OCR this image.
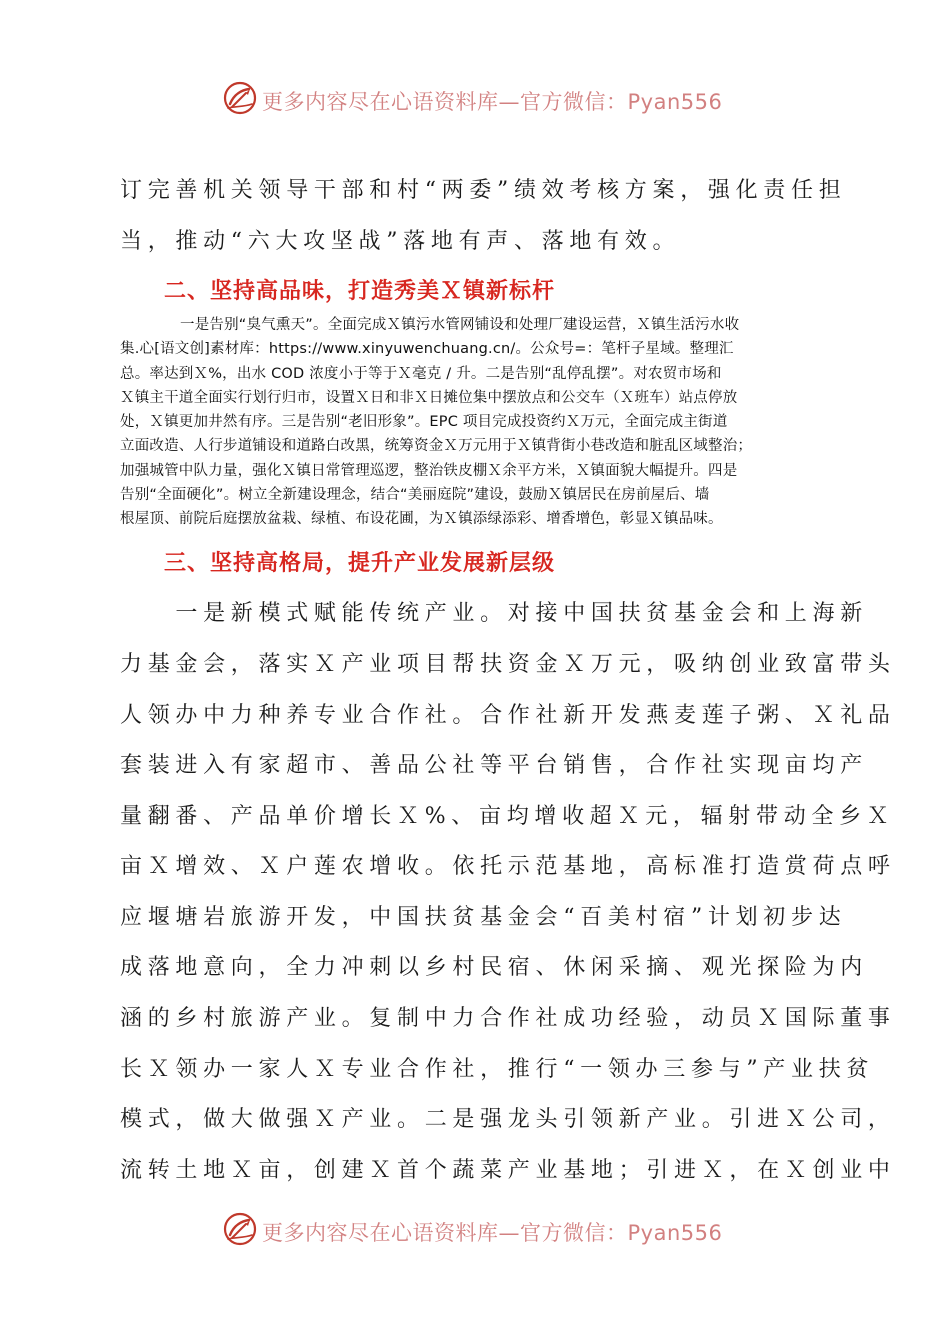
更多内容尽在心语资料库—官方微信：Pyan556
订完善机关领导干部和村“两委”绩效考核方案，强化责任担
当，推动“六大攻坚战”落地有声、落地有效。
二、坚持高品味，打造秀美Ｘ镇新标杆
一是告别“臭气熏天”。全面完成Ｘ镇污水管网铺设和处理厂建设运营，Ｘ镇生活污水收
集.心[语文创]素材库：https://www.xinyuwenchuang.cn/。公众号=：笔杆子星域。整理汇
总。率达到Ｘ%，出水 COD 浓度小于等于Ｘ毫克 / 升。二是告别“乱停乱摆”。对农贸市场和
Ｘ镇主干道全面实行划行归市，设置Ｘ日和非Ｘ日摊位集中摆放点和公交车（Ｘ班车）站点停放
处，Ｘ镇更加井然有序。三是告别“老旧形象”。EPC 项目完成投资约Ｘ万元，全面完成主街道
立面改造、人行步道铺设和道路白改黑，统筹资金Ｘ万元用于Ｘ镇背街小巷改造和脏乱区域整治；
加强城管中队力量，强化Ｘ镇日常管理巡逻，整治铁皮棚Ｘ余平方米，Ｘ镇面貌大幅提升。四是
告别“全面硬化”。树立全新建设理念，结合“美丽庭院”建设，鼓励Ｘ镇居民在房前屋后、墙
根屋顶、前院后庭摆放盆栽、绿植、布设花圃，为Ｘ镇添绿添彩、增香增色，彰显Ｘ镇品味。
三、坚持高格局，提升产业发展新层级
　　一是新模式赋能传统产业。对接中国扶贫基金会和上海新
力基金会，落实Ｘ产业项目帮扶资金Ｘ万元，吸纳创业致富带头
人领办中力种养专业合作社。合作社新开发燕麦莲子粥、Ｘ礼品
套装进入有家超市、善品公社等平台销售，合作社实现亩均产
量翻番、产品单价增长Ｘ%、亩均增收超Ｘ元，辐射带动全乡Ｘ
亩Ｘ增效、Ｘ户莲农增收。依托示范基地，高标准打造赏荷点呼
应堰塘岩旅游开发，中国扶贫基金会“百美村宿”计划初步达
成落地意向，全力冲刺以乡村民宿、休闲采摘、观光探险为内
涵的乡村旅游产业。复制中力合作社成功经验，动员Ｘ国际董事
长Ｘ领办一家人Ｘ专业合作社，推行“一领办三参与”产业扶贫
模式，做大做强Ｘ产业。二是强龙头引领新产业。引进Ｘ公司，
流转土地Ｘ亩，创建Ｘ首个蔬菜产业基地；引进Ｘ，在Ｘ创业中
更多内容尽在心语资料库—官方微信：Pyan556
